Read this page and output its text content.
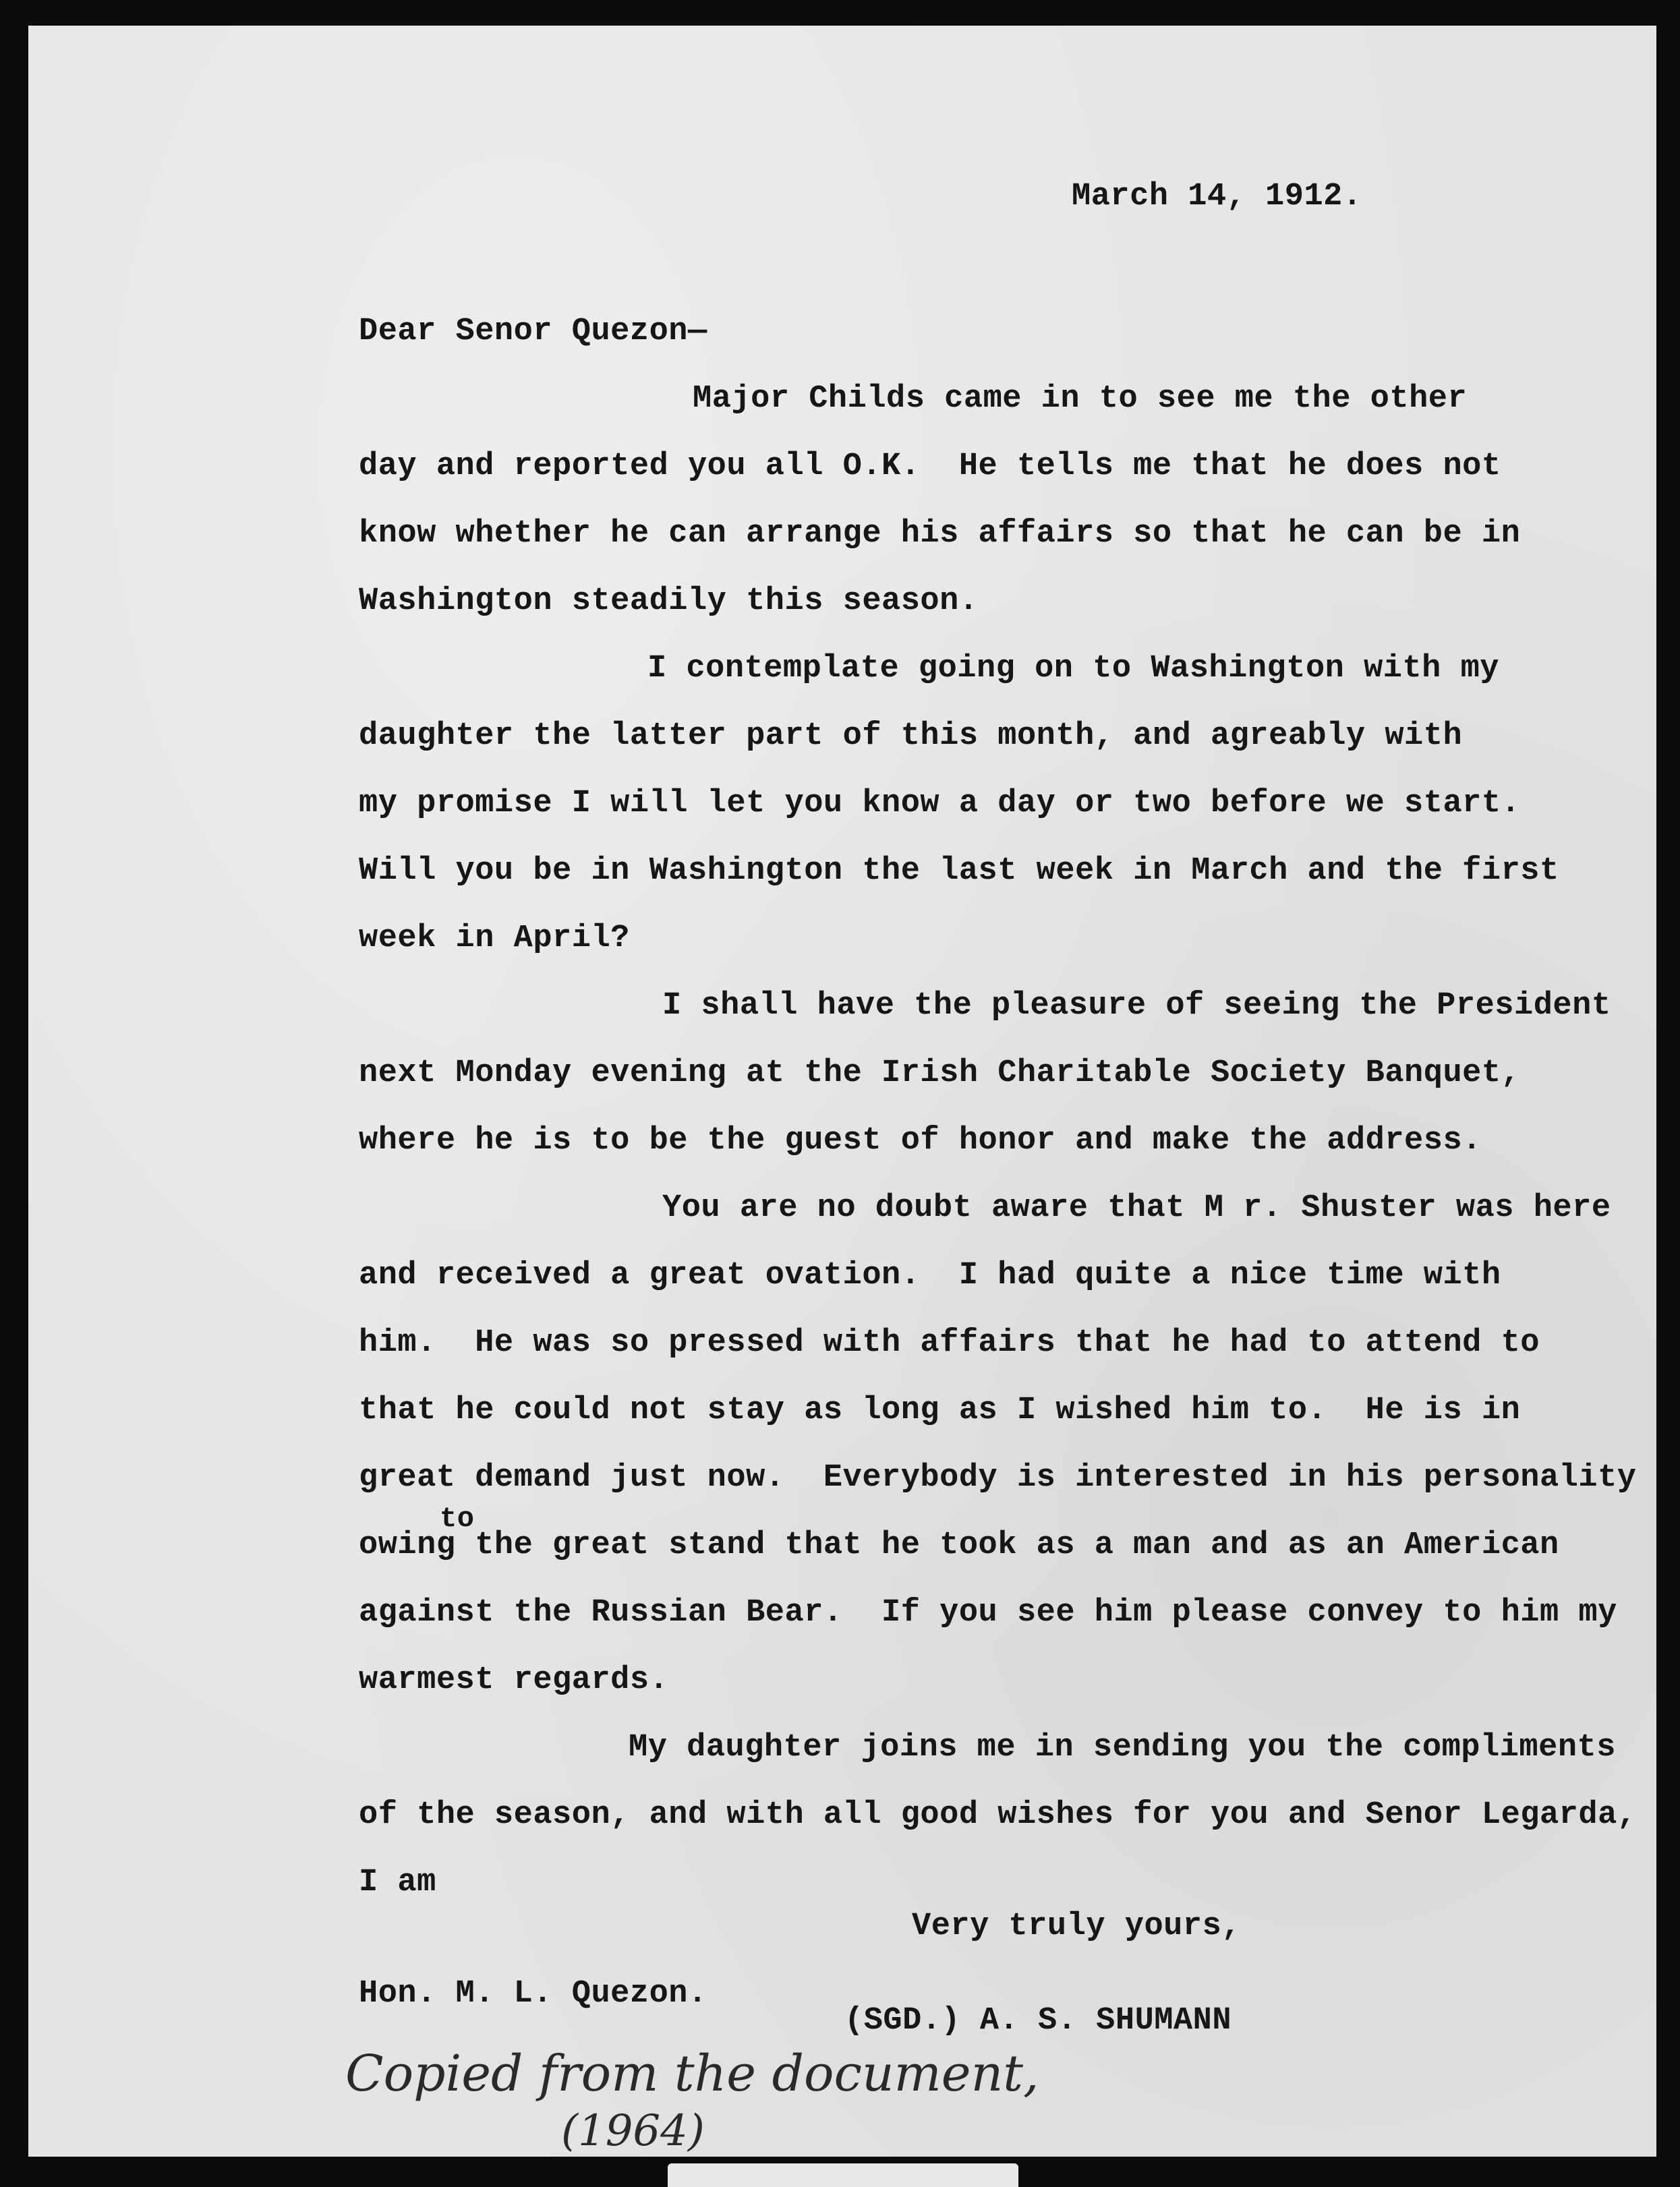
March 14, 1912.
Dear Senor Quezon—
Major Childs came in to see me the other
day and reported you all O.K.  He tells me that he does not
know whether he can arrange his affairs so that he can be in
Washington steadily this season.
I contemplate going on to Washington with my
daughter the latter part of this month, and agreably with
my promise I will let you know a day or two before we start.
Will you be in Washington the last week in March and the first
week in April?
I shall have the pleasure of seeing the President
next Monday evening at the Irish Charitable Society Banquet,
where he is to be the guest of honor and make the address.
You are no doubt aware that M r. Shuster was here
and received a great ovation.  I had quite a nice time with
him.  He was so pressed with affairs that he had to attend to
that he could not stay as long as I wished him to.  He is in
great demand just now.  Everybody is interested in his personality
to
owing the great stand that he took as a man and as an American
against the Russian Bear.  If you see him please convey to him my
warmest regards.
My daughter joins me in sending you the compliments
of the season, and with all good wishes for you and Senor Legarda,
I am
Very truly yours,
Hon. M. L. Quezon.
(SGD.) A. S. SHUMANN
Copied from the document,
(1964)
